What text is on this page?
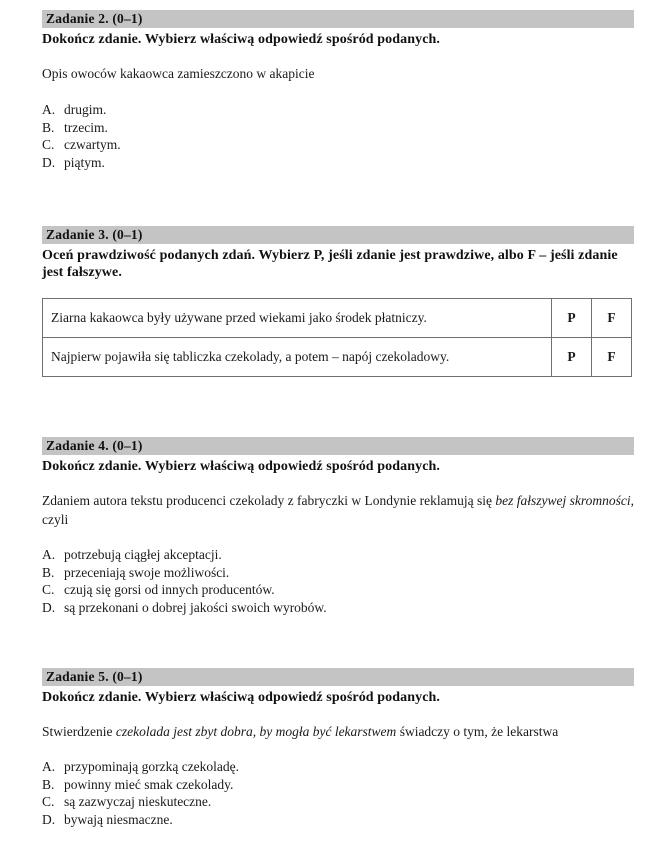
Zadanie 2. (0–1)
Dokończ zdanie. Wybierz właściwą odpowiedź spośród podanych.
Opis owoców kakaowca zamieszczono w akapicie
A. drugim.
B. trzecim.
C. czwartym.
D. piątym.
Zadanie 3. (0–1)
Oceń prawdziwość podanych zdań. Wybierz P, jeśli zdanie jest prawdziwe, albo F – jeśli zdanie jest fałszywe.
Ziarna kakaowca były używane przed wiekami jako środek płatniczy.	P	F
Najpierw pojawiła się tabliczka czekolady, a potem – napój czekoladowy.	P	F
Zadanie 4. (0–1)
Dokończ zdanie. Wybierz właściwą odpowiedź spośród podanych.
Zdaniem autora tekstu producenci czekolady z fabryczki w Londynie reklamują się bez fałszywej skromności, czyli
A. potrzebują ciągłej akceptacji.
B. przeceniają swoje możliwości.
C. czują się gorsi od innych producentów.
D. są przekonani o dobrej jakości swoich wyrobów.
Zadanie 5. (0–1)
Dokończ zdanie. Wybierz właściwą odpowiedź spośród podanych.
Stwierdzenie czekolada jest zbyt dobra, by mogła być lekarstwem świadczy o tym, że lekarstwa
A. przypominają gorzką czekoladę.
B. powinny mieć smak czekolady.
C. są zazwyczaj nieskuteczne.
D. bywają niesmaczne.
